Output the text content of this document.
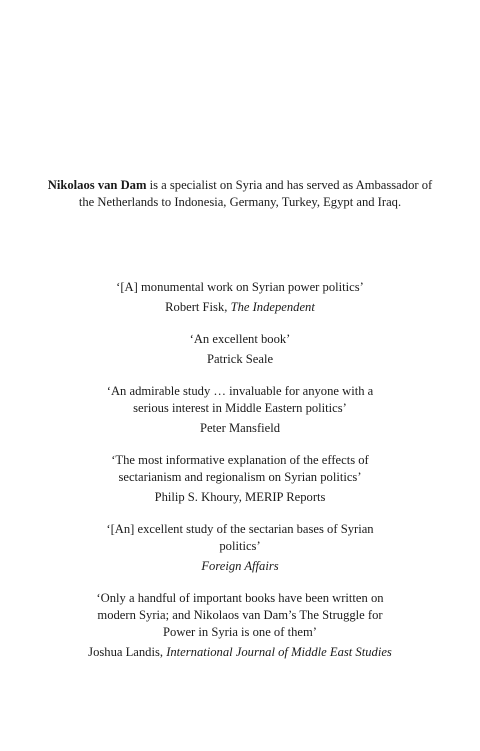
Nikolaos van Dam is a specialist on Syria and has served as Ambassador of the Netherlands to Indonesia, Germany, Turkey, Egypt and Iraq.

‘[A] monumental work on Syrian power politics’
Robert Fisk, The Independent
‘An excellent book’
Patrick Seale
‘An admirable study … invaluable for anyone with a serious interest in Middle Eastern politics’
Peter Mansfield
‘The most informative explanation of the effects of sectarianism and regionalism on Syrian politics’
Philip S. Khoury, MERIP Reports
‘[An] excellent study of the sectarian bases of Syrian politics’
Foreign Affairs
‘Only a handful of important books have been written on modern Syria; and Nikolaos van Dam’s The Struggle for Power in Syria is one of them’
Joshua Landis, International Journal of Middle East Studies
